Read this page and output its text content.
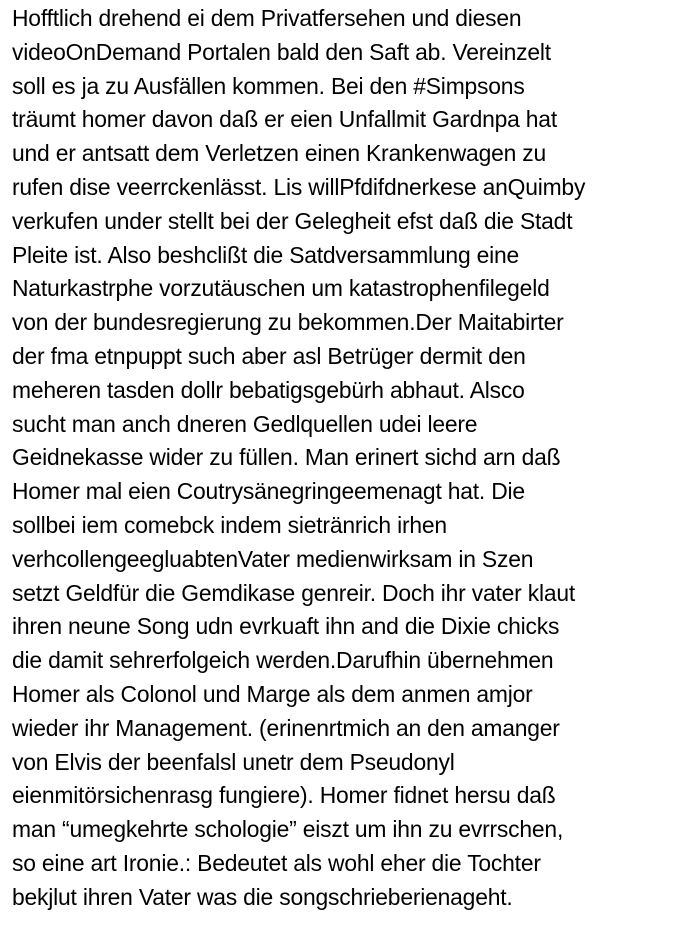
Hofftlich drehend ei dem Privatfersehen und diesen
videoOnDemand Portalen bald den Saft ab. Vereinzelt
soll es ja zu Ausfällen kommen. Bei den #Simpsons
träumt homer davon daß er eien Unfallmit Gardnpa hat
und er antsatt dem Verletzen einen Krankenwagen zu
rufen dise veerrckenlässt. Lis willPfdifdnerkese anQuimby
verkufen under stellt bei der Gelegheit efst daß die Stadt
Pleite ist. Also beshclißt die Satdversammlung eine
Naturkastrphe vorzutäuschen um katastrophenfilegeld
von der bundesregierung zu bekommen.Der Maitabirter
der fma etnpuppt such aber asl Betrüger dermit den
meheren tasden dollr bebatigsgebürh abhaut. Alsco
sucht man anch dneren Gedlquellen udei leere
Geidnekasse wider zu füllen. Man erinert sichd arn daß
Homer mal eien Coutrysänegringeemenagt hat. Die
sollbei iem comebck indem sietränrich irhen
verhcollengeegluabtenVater medienwirksam in Szen
setzt Geldfür die Gemdikase genreir. Doch ihr vater klaut
ihren neune Song udn evrkuaft ihn and die Dixie chicks
die damit sehrerfolgeich werden.Darufhin übernehmen
Homer als Colonol und Marge als dem anmen amjor
wieder ihr Management. (erinenrtmich an den amanger
von Elvis der beenfalsl unetr dem Pseudonyl
eienmitörsichenrasg fungiere). Homer fidnet hersu daß
man “umegkehrte schologie” eiszt um ihn zu evrrschen,
so eine art Ironie.: Bedeutet als wohl eher die Tochter
bekjlut ihren Vater was die songschrieberienageht.
